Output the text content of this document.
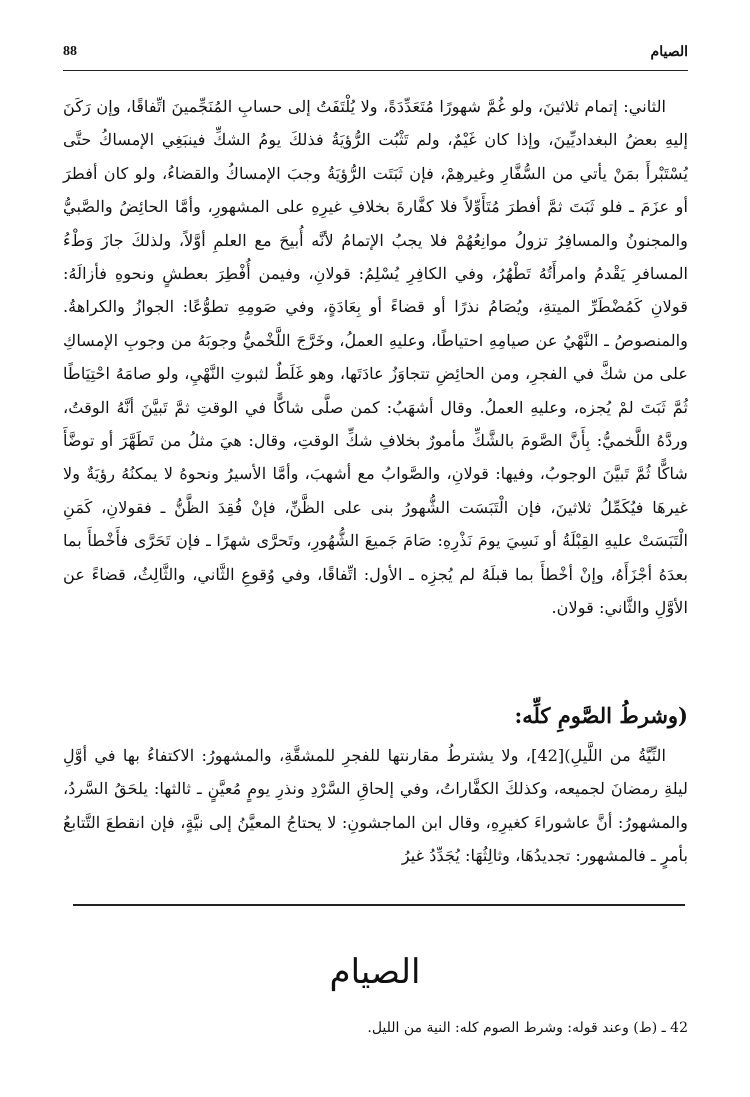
88	الصيام

الثاني: إتمام ثلاثينَ، ولو غُمَّ شهورًا مُتَعَدِّدَةً، ولا يُلْتَفَتُ إلى حسابِ المُنَجِّمينَ اتِّفاقًا، وإن رَكَنَ إليهِ بعضُ البغداديِّينَ، وإذا كان غَيْمٌ، ولم تَثْبُت الرُّؤيَةُ فذلكَ يومُ الشكِّ فينبَغِي الإمساكُ حتَّى يُسْتَبْرأَ بمَنْ يأتي من السُّفَّارِ وغيرهِمْ، فإن ثَبَتَت الرُّؤيَةُ وجبَ الإمساكُ والقضاءُ، ولو كان أفطرَ أو عزَمَ ـ فلو ثَبَتَ ثمَّ أفطرَ مُتَأَوِّلاً فلا كفَّارةَ بخلافِ غيرِهِ على المشهورِ، وأمَّا الحائِضُ والصَّبيُّ والمجنونُ والمسافِرُ تزولُ موانِعُهُمْ فلا يجبُ الإتمامُ لأنَّه أُبيحَ مع العلمِ أوَّلاً، ولذلكَ جازَ وَطْءُ المسافرِ يَقْدمُ وامرأَتُهُ تَطْهُرُ، وفي الكافِرِ يُسْلِمُ: قولانِ، وفيمن أُفْطِرَ بعطشٍ ونحوهِ فأزالَهُ: قولانِ كَمُضْطَرِّ الميتةِ، ويُصَامُ نذرًا أو قضاءً أو بِعَادَةٍ، وفي صَومِهِ تطوُّعًا: الجوازُ والكراهةُ. والمنصوصُ ـ النَّهْيُ عن صيامِهِ احتياطًا، وعليهِ العملُ، وخَرَّجَ اللَّخْميُّ وجوبَهُ من وجوبِ الإمساكِ على من شكَّ في الفجرِ، ومن الحائِضِ تتجاوَزُ عادَتَها، وهو غَلَطٌ لثبوتِ النَّهْيِ، ولو صامَهُ احْتِيَاطًا ثُمَّ ثَبَتَ لمْ يُجزه، وعليهِ العملُ. وقال أشهَبُ: كمن صلَّى شاكًّا في الوقتِ ثمَّ تَبيَّنَ أنَّهُ الوقتُ، وردَّهُ اللَّخميُّ: بِأَنَّ الصَّومَ بالشَّكِّ مأمورٌ بخلافِ شكِّ الوقتِ، وقال: هيَ مثلُ من تَطَهَّرَ أو توضَّأَ شاكًّا ثُمَّ تَبيَّنَ الوجوبُ، وفيها: قولانِ، والصَّوابُ مع أشهبَ، وأمَّا الأسيرُ ونحوهُ لا يمكنُهُ رؤيَةٌ ولا غيرهَا فيُكَمِّلُ ثلاثينَ، فإن الْتَبَسَت الشُّهورُ بنى على الظَّنِّ، فإنْ فُقِدَ الظَّنُّ ـ فقولانِ، كَمَنِ الْتَبَسَتْ عليهِ القِبْلَةُ أو نَسِيَ يومَ نَذْرِهِ: صَامَ جَميعَ الشُّهُورِ، وتَحرَّى شهرًا ـ فإن تَحَرَّى فأَخْطأَ بما بعدَهُ أجْزَأَهُ، وإنْ أخْطأَ بما قبلَهُ لم يُجزِه ـ الأول: اتِّفاقًا، وفي وُقوعِ الثَّاني، والثَّالِثُ، قضاءً عن الأوَّلِ والثَّاني: قولان.

(وشرطُ الصَّومِ كلِّه:

النِّيَّةُ من اللَّيلِ)[42]، ولا يشترطُ مقارنتها للفجرِ للمشقَّةِ، والمشهورُ: الاكتفاءُ بها في أوَّلِ ليلةِ رمضانَ لجميعه، وكذلكَ الكفَّاراتُ، وفي إلحاقِ السَّرْدِ ونذرِ يومٍ مُعيَّنٍ ـ ثالثها: يلحَقُ السَّردُ، والمشهورُ: أنَّ عاشوراءَ كغيرِهِ، وقال ابن الماجشونِ: لا يحتاجُ المعيَّنُ إلى نيَّةٍ، فإن انقطعَ التَّتابعُ بأمرٍ ـ فالمشهور: تجديدُهَا، وثالِثُهَا: يُجَدِّدُ غيرُ

الصيام
42 ـ (ط) وعند قوله: وشرط الصوم كله: النية من الليل.
